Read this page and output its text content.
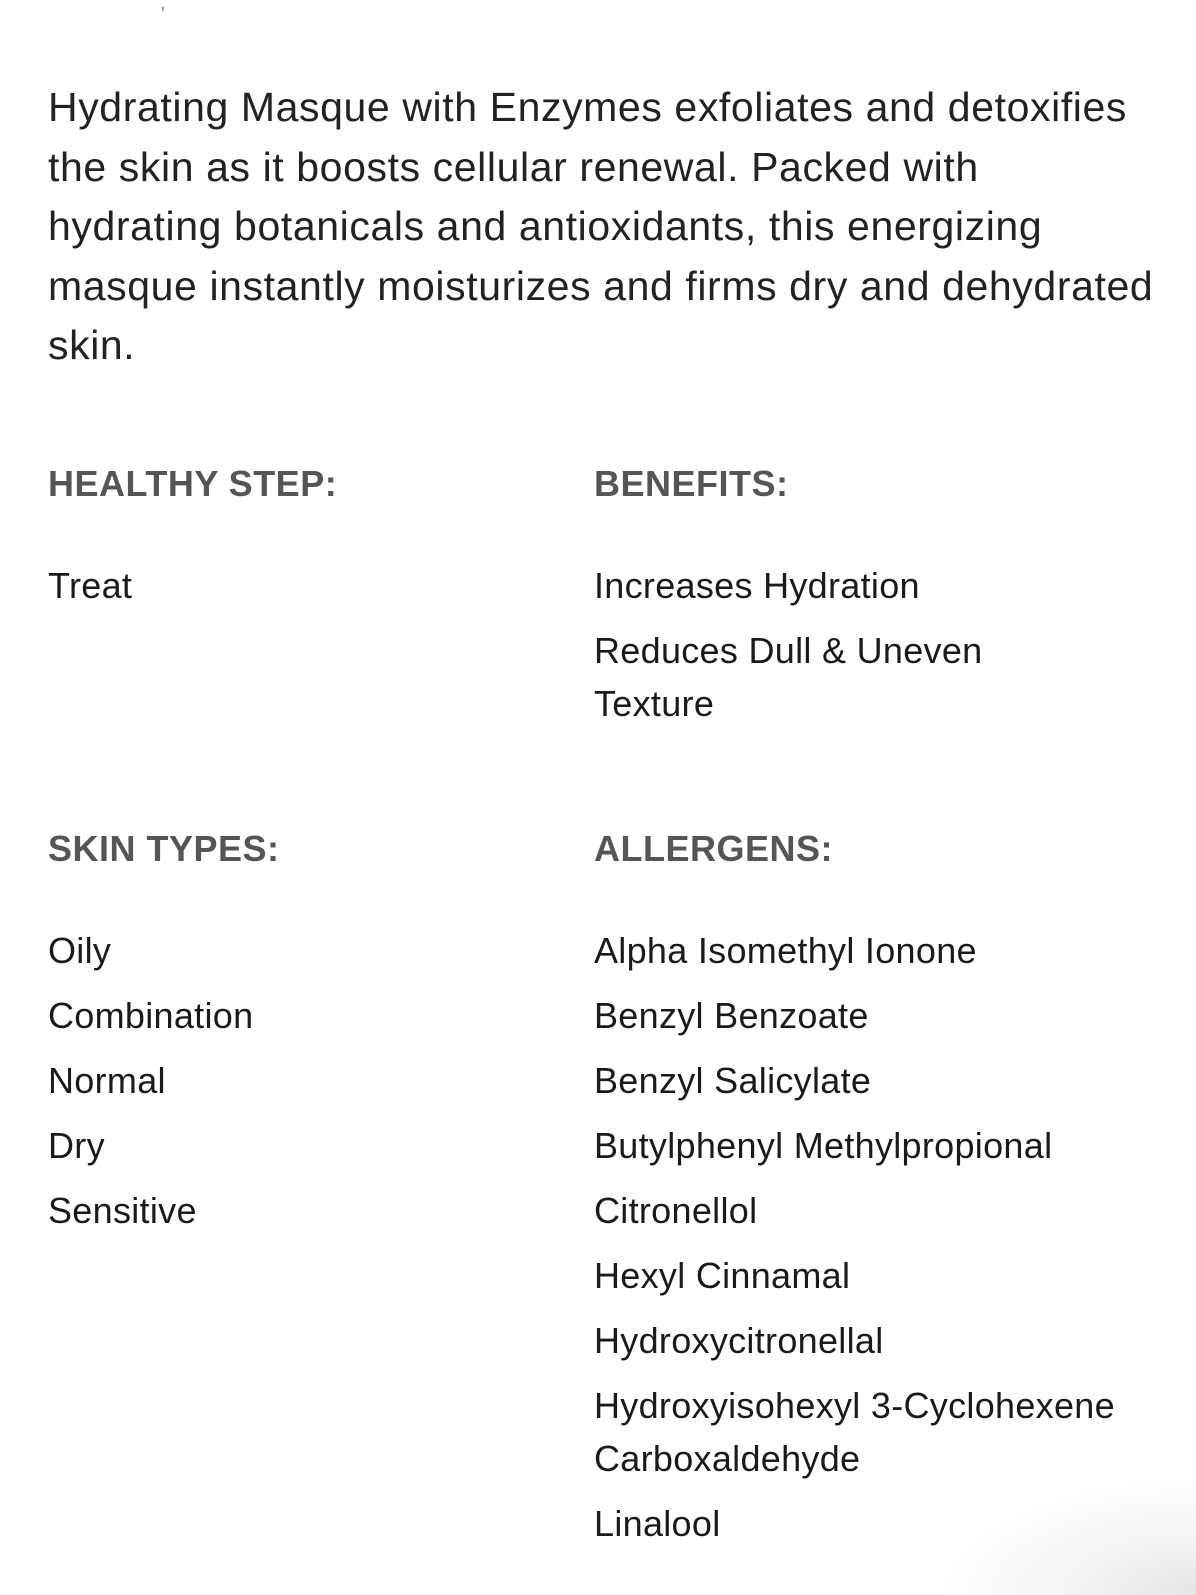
,

Hydrating Masque with Enzymes exfoliates and detoxifies the skin as it boosts cellular renewal. Packed with hydrating botanicals and antioxidants, this energizing masque instantly moisturizes and firms dry and dehydrated skin.

HEALTHY STEP:
Treat
BENEFITS:
Increases Hydration
Reduces Dull & Uneven Texture
SKIN TYPES:
Oily
Combination
Normal
Dry
Sensitive
ALLERGENS:
Alpha Isomethyl Ionone
Benzyl Benzoate
Benzyl Salicylate
Butylphenyl Methylpropional
Citronellol
Hexyl Cinnamal
Hydroxycitronellal
Hydroxyisohexyl 3-Cyclohexene Carboxaldehyde
Linalool
